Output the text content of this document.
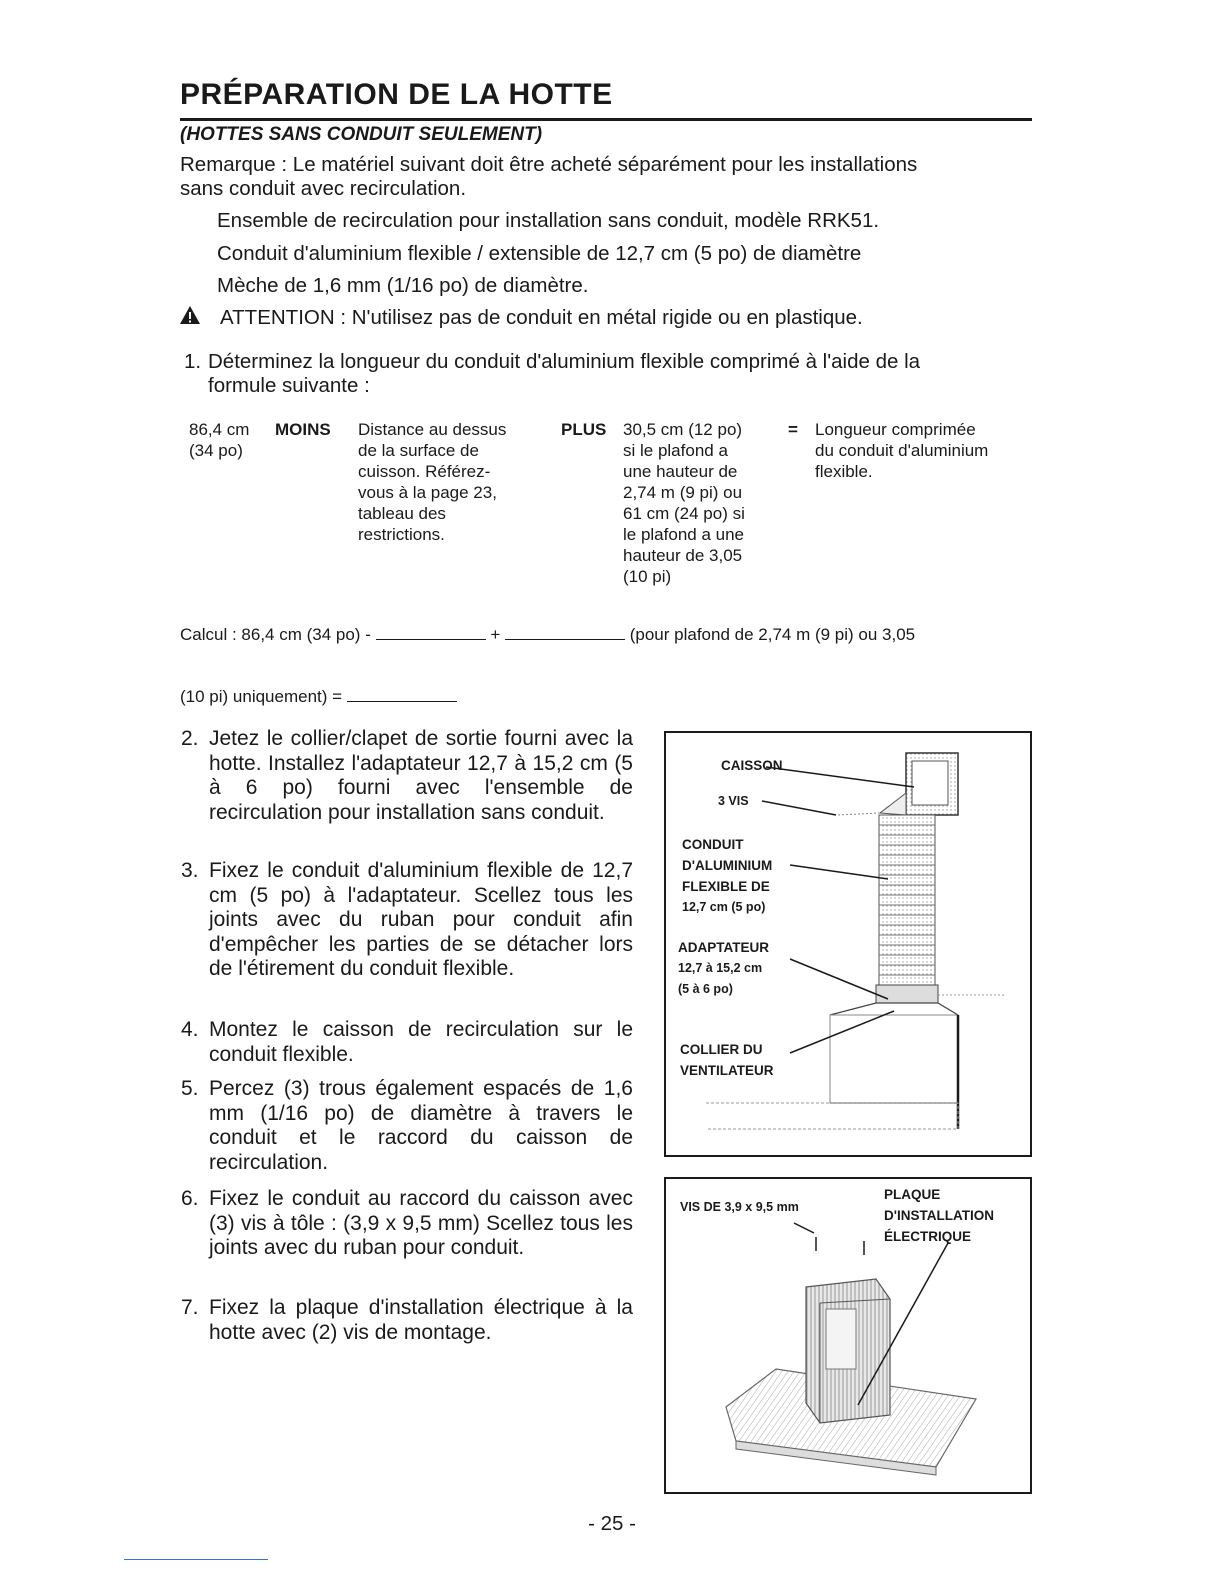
PRÉPARATION DE LA HOTTE
(HOTTES SANS CONDUIT SEULEMENT)
Remarque : Le matériel suivant doit être acheté séparément pour les installations
sans conduit avec recirculation.
Ensemble de recirculation pour installation sans conduit, modèle RRK51.
Conduit d'aluminium flexible / extensible de 12,7 cm (5 po) de diamètre
Mèche de 1,6 mm (1/16 po) de diamètre.
ATTENTION : N'utilisez pas de conduit en métal rigide ou en plastique.
1. Déterminez la longueur du conduit d'aluminium flexible comprimé à l'aide de la
formule suivante :
86,4 cm
(34 po)
MOINS Distance au dessus
de la surface de
cuisson. Référez-
vous à la page 23,
tableau des
restrictions.
PLUS 30,5 cm (12 po)
si le plafond a
une hauteur de
2,74 m (9 pi) ou
61 cm (24 po) si
le plafond a une
hauteur de 3,05
(10 pi)
= Longueur comprimée
du conduit d'aluminium
flexible.
Calcul : 86,4 cm (34 po) -	+	(pour plafond de 2,74 m (9 pi) ou 3,05
(10 pi) uniquement) =
2. Jetez le collier/clapet de sortie fourni avec la hotte. Installez l'adaptateur 12,7 à 15,2 cm (5 à 6 po) fourni avec l'ensemble de recirculation pour installation sans conduit.
3. Fixez le conduit d'aluminium flexible de 12,7 cm (5 po) à l'adaptateur. Scellez tous les joints avec du ruban pour conduit afin d'empêcher les parties de se détacher lors de l'étirement du conduit flexible.
4. Montez le caisson de recirculation sur le conduit flexible.
5. Percez (3) trous également espacés de 1,6 mm (1/16 po) de diamètre à travers le conduit et le raccord du caisson de recirculation.
6. Fixez le conduit au raccord du caisson avec (3) vis à tôle : (3,9 x 9,5 mm) Scellez tous les joints avec du ruban pour conduit.
7. Fixez la plaque d'installation électrique à la hotte avec (2) vis de montage.
CAISSON
3 VIS
CONDUIT
D'ALUMINIUM
FLEXIBLE DE
12,7 cm (5 po)
ADAPTATEUR
12,7 à 15,2 cm
(5 à 6 po)
COLLIER DU
VENTILATEUR
VIS DE 3,9 x 9,5 mm
PLAQUE
D'INSTALLATION
ÉLECTRIQUE
- 25 -
